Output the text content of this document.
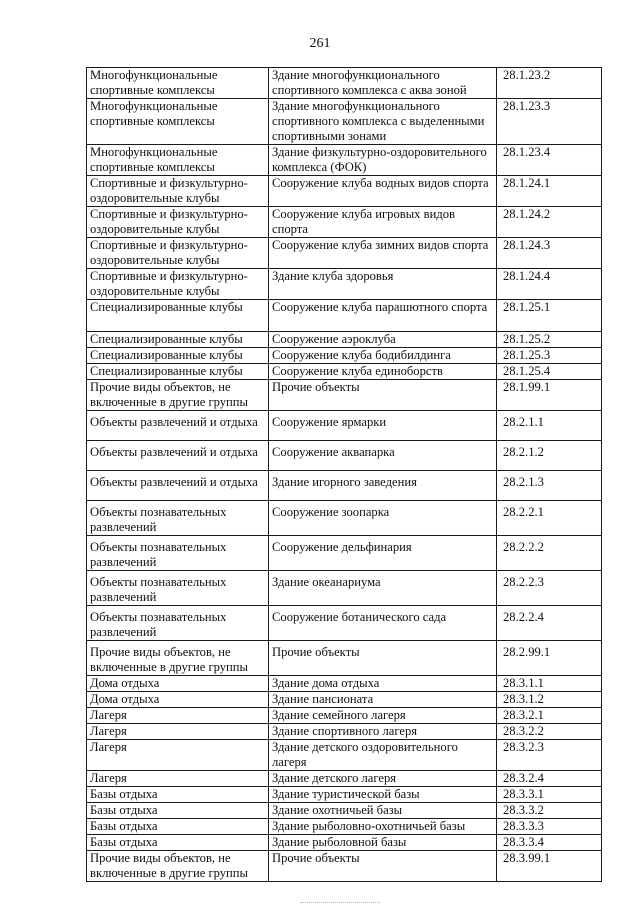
261
Многофункциональные спортивные комплексы	Здание многофункционального спортивного комплекса с аква зоной	28.1.23.2
Многофункциональные спортивные комплексы	Здание многофункционального спортивного комплекса с выделенными спортивными зонами	28.1.23.3
Многофункциональные спортивные комплексы	Здание физкультурно-оздоровительного комплекса (ФОК)	28.1.23.4
Спортивные и физкультурно-оздоровительные клубы	Сооружение клуба водных видов спорта	28.1.24.1
Спортивные и физкультурно-оздоровительные клубы	Сооружение клуба игровых видов спорта	28.1.24.2
Спортивные и физкультурно-оздоровительные клубы	Сооружение клуба зимних видов спорта	28.1.24.3
Спортивные и физкультурно-оздоровительные клубы	Здание клуба здоровья	28.1.24.4
Специализированные клубы	Сооружение клуба парашютного спорта	28.1.25.1
Специализированные клубы	Сооружение аэроклуба	28.1.25.2
Специализированные клубы	Сооружение клуба бодибилдинга	28.1.25.3
Специализированные клубы	Сооружение клуба единоборств	28.1.25.4
Прочие виды объектов, не включенные в другие группы	Прочие объекты	28.1.99.1
Объекты развлечений и отдыха	Сооружение ярмарки	28.2.1.1
Объекты развлечений и отдыха	Сооружение аквапарка	28.2.1.2
Объекты развлечений и отдыха	Здание игорного заведения	28.2.1.3
Объекты познавательных развлечений	Сооружение зоопарка	28.2.2.1
Объекты познавательных развлечений	Сооружение дельфинария	28.2.2.2
Объекты познавательных развлечений	Здание океанариума	28.2.2.3
Объекты познавательных развлечений	Сооружение ботанического сада	28.2.2.4
Прочие виды объектов, не включенные в другие группы	Прочие объекты	28.2.99.1
Дома отдыха	Здание дома отдыха	28.3.1.1
Дома отдыха	Здание пансионата	28.3.1.2
Лагеря	Здание семейного лагеря	28.3.2.1
Лагеря	Здание спортивного лагеря	28.3.2.2
Лагеря	Здание детского оздоровительного лагеря	28.3.2.3
Лагеря	Здание детского лагеря	28.3.2.4
Базы отдыха	Здание туристической базы	28.3.3.1
Базы отдыха	Здание охотничьей базы	28.3.3.2
Базы отдыха	Здание рыболовно-охотничьей базы	28.3.3.3
Базы отдыха	Здание рыболовной базы	28.3.3.4
Прочие виды объектов, не включенные в другие группы	Прочие объекты	28.3.99.1
